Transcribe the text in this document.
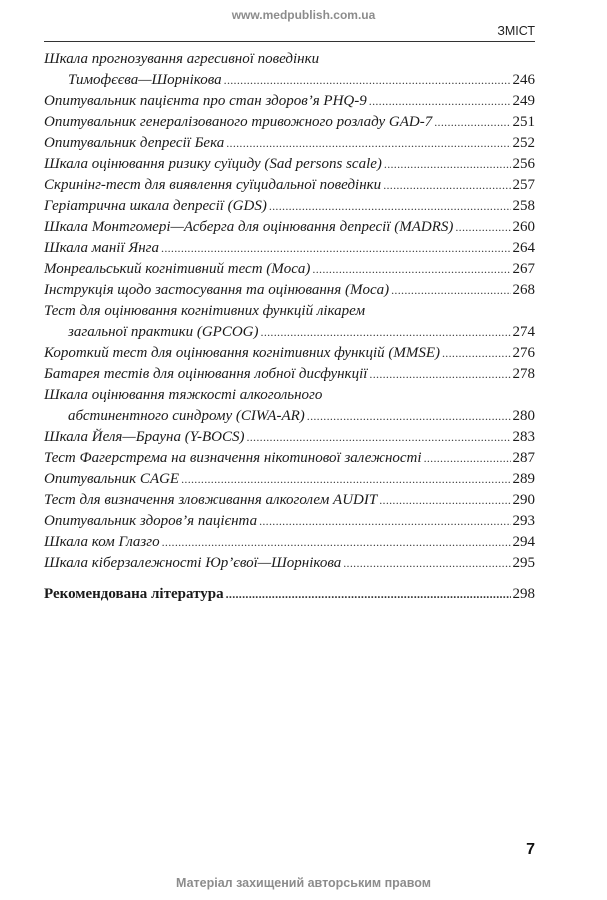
www.medpublish.com.ua
ЗМІСТ
Шкала прогнозування агресивної поведінки
Тимофєєва—Шорнікова .....	246
Опитувальник пацієнта про стан здоров’я PHQ-9 .....	249
Опитувальник генералізованого тривожного розладу GAD-7 .....	251
Опитувальник депресії Бека .....	252
Шкала оцінювання ризику суїциду (Sad persons scale) .....	256
Скринінг-тест для виявлення суїцидальної поведінки .....	257
Геріатрична шкала депресії (GDS) .....	258
Шкала Монтгомері—Асберга для оцінювання депресії (MADRS) .....	260
Шкала манії Янга .....	264
Монреальський когнітивний тест (Moca) .....	267
Інструкція щодо застосування та оцінювання (Moca) .....	268
Тест для оцінювання когнітивних функцій лікарем
загальної практики (GPCOG) .....	274
Короткий тест для оцінювання когнітивних функцій (MMSE) .....	276
Батарея тестів для оцінювання лобної дисфункції .....	278
Шкала оцінювання тяжкості алкогольного
абстинентного синдрому (CIWA-AR) .....	280
Шкала Йеля—Брауна (Y-BOCS) .....	283
Тест Фагерстрема на визначення нікотинової залежності .....	287
Опитувальник CAGE .....	289
Тест для визначення зловживання алкоголем AUDIT .....	290
Опитувальник здоров’я пацієнта .....	293
Шкала ком Глазго .....	294
Шкала кіберзалежності Юр’євої—Шорнікова .....	295
Рекомендована література .....	298
7
Матеріал захищений авторським правом
